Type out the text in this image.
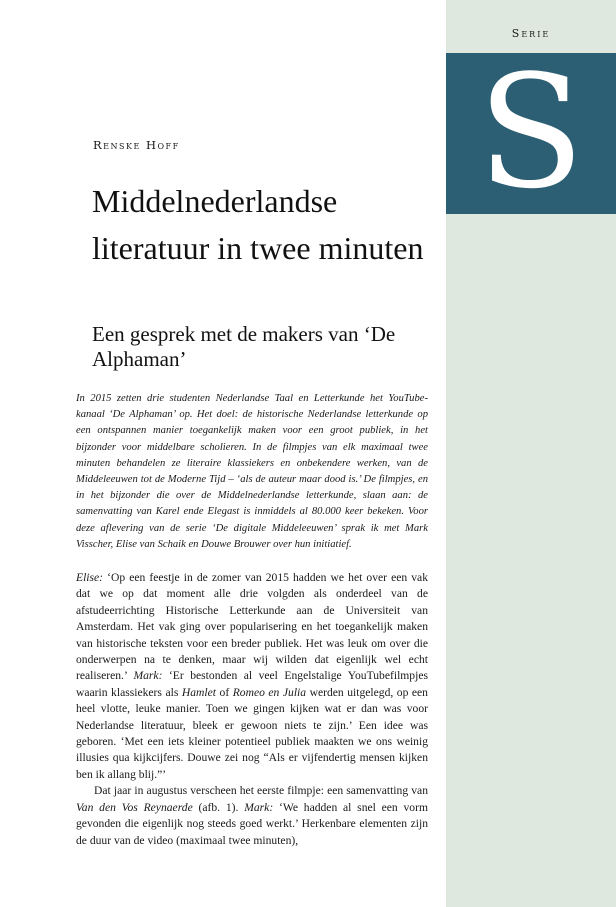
Serie
S
Renske Hoff
Middelnederlandse literatuur in twee minuten
Een gesprek met de makers van ‘De Alphaman’

In 2015 zetten drie studenten Nederlandse Taal en Letterkunde het YouTube-kanaal ‘De Alphaman’ op. Het doel: de historische Nederlandse letterkunde op een ontspannen manier toegankelijk maken voor een groot publiek, in het bijzonder voor middelbare scholieren. In de filmpjes van elk maximaal twee minuten behandelen ze literaire klassiekers en onbekendere werken, van de Middeleeuwen tot de Moderne Tijd – ‘als de auteur maar dood is.’ De filmpjes, en in het bijzonder die over de Middelnederlandse letterkunde, slaan aan: de samenvatting van Karel ende Elegast is inmiddels al 80.000 keer bekeken. Voor deze aflevering van de serie ‘De digitale Middeleeuwen’ sprak ik met Mark Visscher, Elise van Schaik en Douwe Brouwer over hun initiatief.

Elise: ‘Op een feestje in de zomer van 2015 hadden we het over een vak dat we op dat moment alle drie volgden als onderdeel van de afstudeerrichting Historische Letterkunde aan de Universiteit van Amsterdam. Het vak ging over popularisering en het toegankelijk maken van historische teksten voor een breder publiek. Het was leuk om over die onderwerpen na te denken, maar wij wilden dat eigenlijk wel echt realiseren.’ Mark: ‘Er bestonden al veel Engelstalige YouTubefilmpjes waarin klassiekers als Hamlet of Romeo en Julia werden uitgelegd, op een heel vlotte, leuke manier. Toen we gingen kijken wat er dan was voor Nederlandse literatuur, bleek er gewoon niets te zijn.’ Een idee was geboren. ‘Met een iets kleiner potentieel publiek maakten we ons weinig illusies qua kijkcijfers. Douwe zei nog “Als er vijfendertig mensen kijken ben ik allang blij.”’

Dat jaar in augustus verscheen het eerste filmpje: een samenvatting van Van den Vos Reynaerde (afb. 1). Mark: ‘We hadden al snel een vorm gevonden die eigenlijk nog steeds goed werkt.’ Herkenbare elementen zijn de duur van de video (maximaal twee minuten),
